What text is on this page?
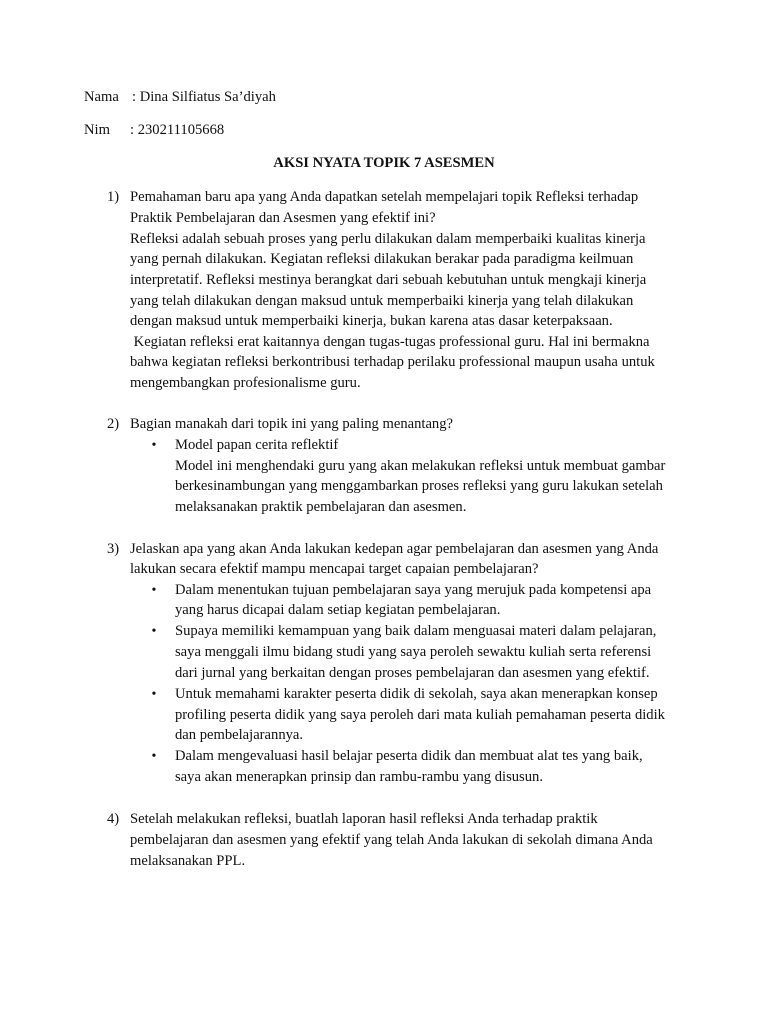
Nama : Dina Silfiatus Sa’diyah
Nim : 230211105668
AKSI NYATA TOPIK 7 ASESMEN
1) Pemahaman baru apa yang Anda dapatkan setelah mempelajari topik Refleksi terhadap
Praktik Pembelajaran dan Asesmen yang efektif ini?
Refleksi adalah sebuah proses yang perlu dilakukan dalam memperbaiki kualitas kinerja
yang pernah dilakukan. Kegiatan refleksi dilakukan berakar pada paradigma keilmuan
interpretatif. Refleksi mestinya berangkat dari sebuah kebutuhan untuk mengkaji kinerja
yang telah dilakukan dengan maksud untuk memperbaiki kinerja yang telah dilakukan
dengan maksud untuk memperbaiki kinerja, bukan karena atas dasar keterpaksaan.
Kegiatan refleksi erat kaitannya dengan tugas-tugas professional guru. Hal ini bermakna
bahwa kegiatan refleksi berkontribusi terhadap perilaku professional maupun usaha untuk
mengembangkan profesionalisme guru.
2) Bagian manakah dari topik ini yang paling menantang?
•
Model papan cerita reflektif
Model ini menghendaki guru yang akan melakukan refleksi untuk membuat gambar
berkesinambungan yang menggambarkan proses refleksi yang guru lakukan setelah
melaksanakan praktik pembelajaran dan asesmen.
3) Jelaskan apa yang akan Anda lakukan kedepan agar pembelajaran dan asesmen yang Anda
lakukan secara efektif mampu mencapai target capaian pembelajaran?
•
Dalam menentukan tujuan pembelajaran saya yang merujuk pada kompetensi apa
yang harus dicapai dalam setiap kegiatan pembelajaran.
•
Supaya memiliki kemampuan yang baik dalam menguasai materi dalam pelajaran,
saya menggali ilmu bidang studi yang saya peroleh sewaktu kuliah serta referensi
dari jurnal yang berkaitan dengan proses pembelajaran dan asesmen yang efektif.
•
Untuk memahami karakter peserta didik di sekolah, saya akan menerapkan konsep
profiling peserta didik yang saya peroleh dari mata kuliah pemahaman peserta didik
dan pembelajarannya.
•
Dalam mengevaluasi hasil belajar peserta didik dan membuat alat tes yang baik,
saya akan menerapkan prinsip dan rambu-rambu yang disusun.
4) Setelah melakukan refleksi, buatlah laporan hasil refleksi Anda terhadap praktik
pembelajaran dan asesmen yang efektif yang telah Anda lakukan di sekolah dimana Anda
melaksanakan PPL.
